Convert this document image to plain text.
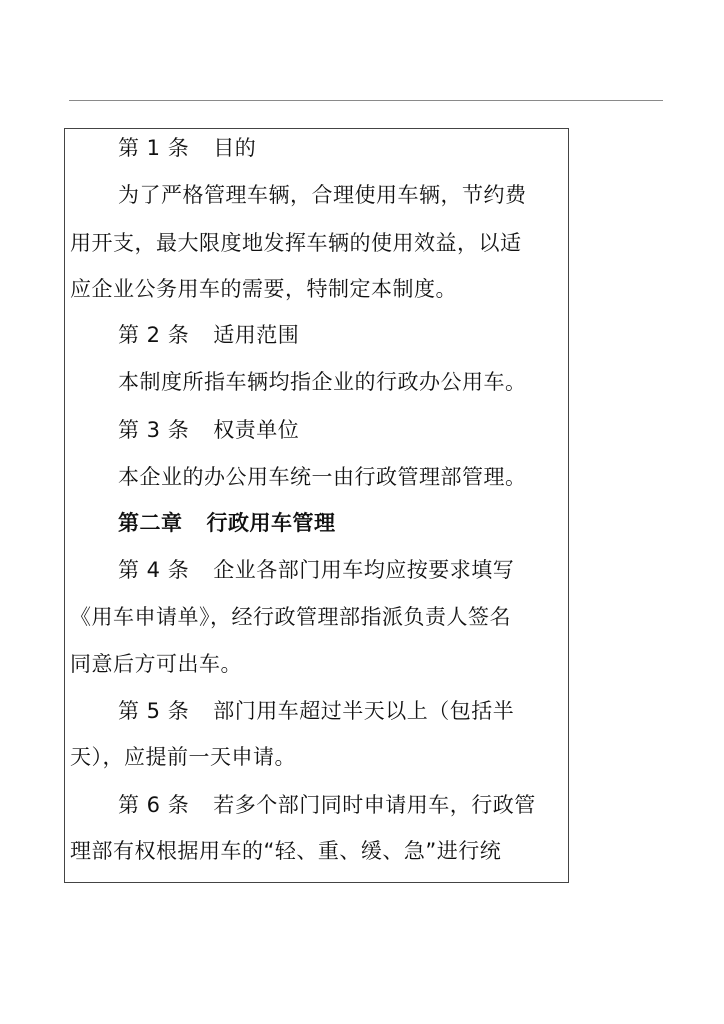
第 1 条 目的
为了严格管理车辆，合理使用车辆，节约费
用开支，最大限度地发挥车辆的使用效益，以适
应企业公务用车的需要，特制定本制度。
第 2 条 适用范围
本制度所指车辆均指企业的行政办公用车。
第 3 条 权责单位
本企业的办公用车统一由行政管理部管理。
第二章 行政用车管理
第 4 条 企业各部门用车均应按要求填写
《用车申请单》，经行政管理部指派负责人签名
同意后方可出车。
第 5 条 部门用车超过半天以上（包括半
天），应提前一天申请。
第 6 条 若多个部门同时申请用车，行政管
理部有权根据用车的“轻、重、缓、急”进行统
